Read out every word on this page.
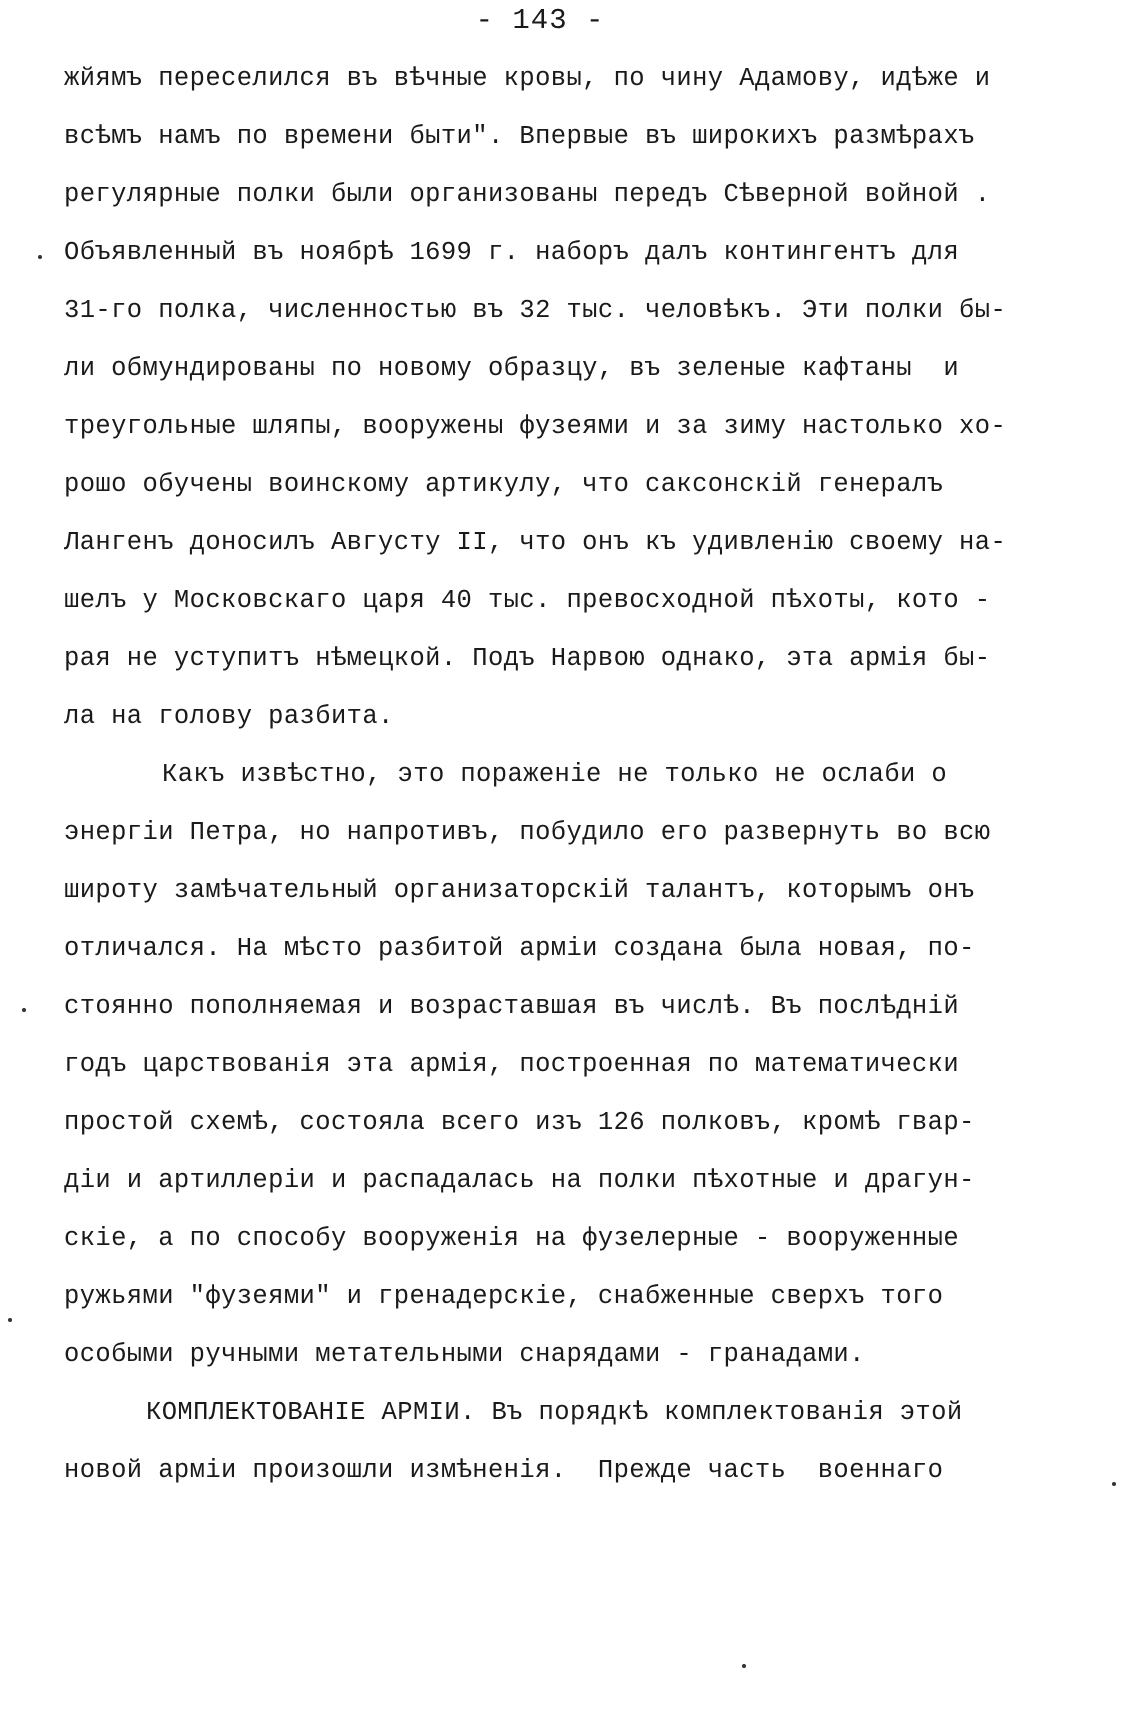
- 143 -
жйямъ переселился въ вѣчные кровы, по чину Адамову, идѣже и
всѣмъ намъ по времени быти". Впервые въ широкихъ размѣрахъ
регулярные полки были организованы передъ Сѣверной войной .
Объявленный въ ноябрѣ 1699 г. наборъ далъ контингентъ для
31-го полка, численностью въ 32 тыс. человѣкъ. Эти полки бы-
ли обмундированы по новому образцу, въ зеленые кафтаны  и
треугольные шляпы, вооружены фузеями и за зиму настолько хо-
рошо обучены воинскому артикулу, что саксонскій генералъ
Лангенъ доносилъ Августу II, что онъ къ удивленію своему на-
шелъ у Московскаго царя 40 тыс. превосходной пѣхоты, кото -
рая не уступитъ нѣмецкой. Подъ Нарвою однако, эта армія бы-
ла на голову разбита.
Какъ извѣстно, это пораженіе не только не ослаби о
энергіи Петра, но напротивъ, побудило его развернуть во всю
широту замѣчательный организаторскій талантъ, которымъ онъ
отличался. На мѣсто разбитой арміи создана была новая, по-
стоянно пополняемая и возраставшая въ числѣ. Въ послѣдній
годъ царствованія эта армія, построенная по математически
простой схемѣ, состояла всего изъ 126 полковъ, кромѣ гвар-
діи и артиллеріи и распадалась на полки пѣхотные и драгун-
скіе, а по способу вооруженія на фузелерные - вооруженные
ружьями "фузеями" и гренадерскіе, снабженные сверхъ того
особыми ручными метательными снарядами - гранадами.
КОМПЛЕКТОВАНІЕ АРМІИ. Въ порядкѣ комплектованія этой
новой арміи произошли измѣненія.  Прежде часть  военнаго
